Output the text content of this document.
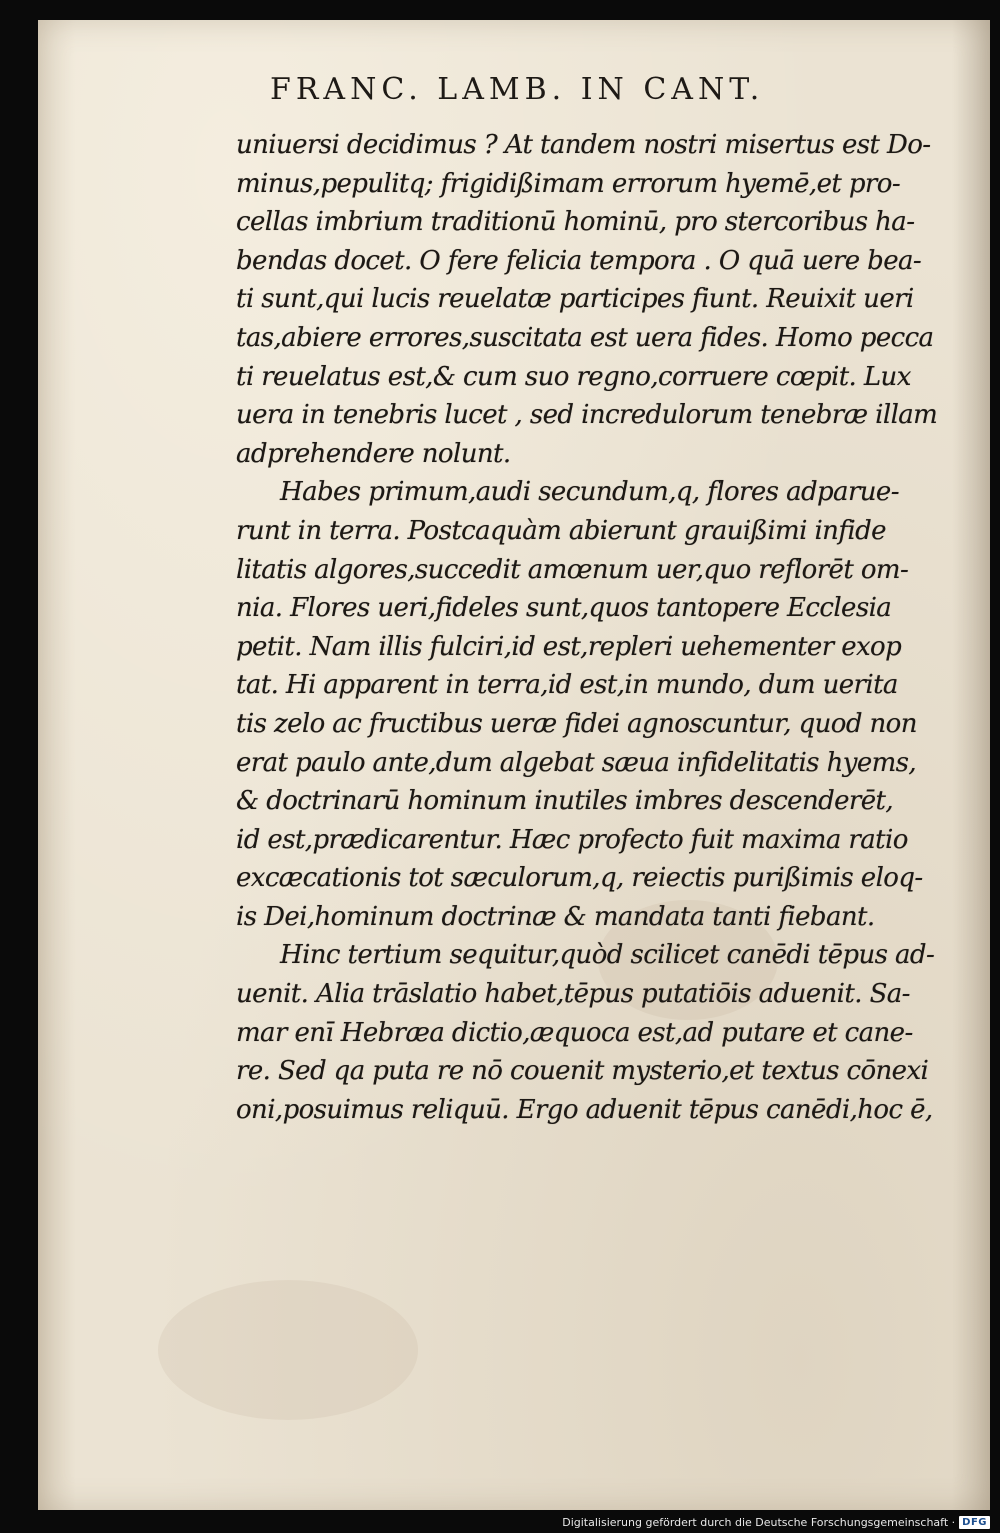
FRANC. LAMB. IN CANT.
uniuersi decidimus ? At tandem nostri misertus est Do-
minus,pepulitq; frigidißimam errorum hyemē,et pro-
cellas imbrium traditionū hominū, pro stercoribus ha-
bendas docet. O fere felicia tempora . O quā uere bea-
ti sunt,qui lucis reuelatæ participes fiunt. Reuixit ueri
tas,abiere errores,suscitata est uera fides. Homo pecca
ti reuelatus est,& cum suo regno,corruere cœpit. Lux
uera in tenebris lucet , sed incredulorum tenebræ illam
adprehendere nolunt.
Habes primum,audi secundum,q, flores adparue-
runt in terra. Postcaquàm abierunt grauißimi infide
litatis algores,succedit amœnum uer,quo reflorēt om-
nia. Flores ueri,fideles sunt,quos tantopere Ecclesia
petit. Nam illis fulciri,id est,repleri uehementer exop
tat. Hi apparent in terra,id est,in mundo, dum uerita
tis zelo ac fructibus ueræ fidei agnoscuntur, quod non
erat paulo ante,dum algebat sæua infidelitatis hyems,
& doctrinarū hominum inutiles imbres descenderēt,
id est,prædicarentur. Hæc profecto fuit maxima ratio
excæcationis tot sæculorum,q, reiectis purißimis eloq-
is Dei,hominum doctrinæ & mandata tanti fiebant.
Hinc tertium sequitur,quòd scilicet canēdi tēpus ad-
uenit. Alia trāslatio habet,tēpus putatiōis aduenit. Sa-
mar enī Hebræa dictio,æquoca est,ad putare et cane-
re. Sed qa puta re nō couenit mysterio,et textus cōnexi
oni,posuimus reliquū. Ergo aduenit tēpus canēdi,hoc ē,
Digitalisierung gefördert durch die Deutsche Forschungsgemeinschaft · DFG
